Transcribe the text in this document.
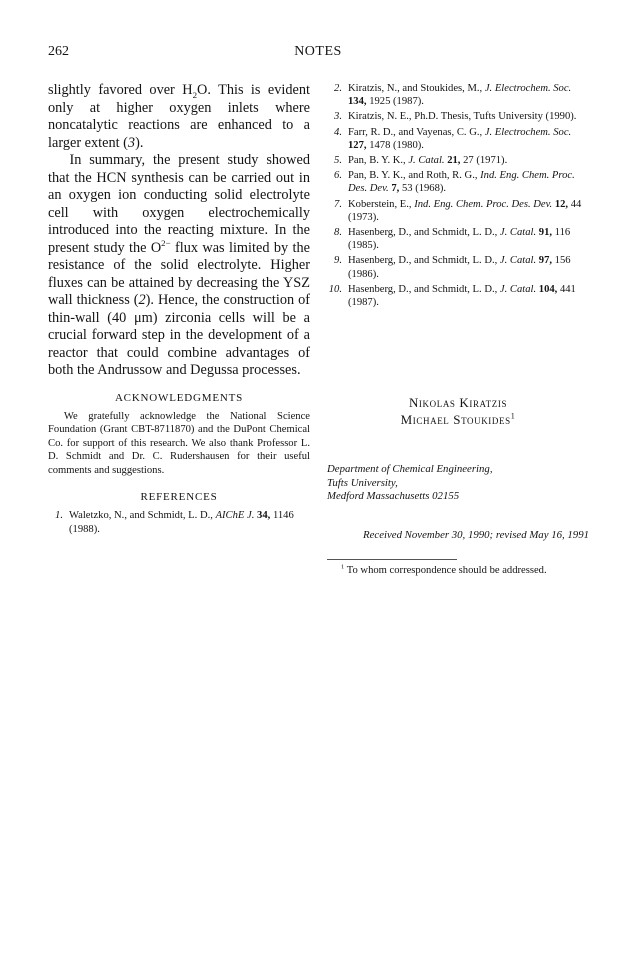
262	NOTES

slightly favored over $H_2O$. This is evident only at higher oxygen inlets where noncatalytic reactions are enhanced to a larger extent (3).

In summary, the present study showed that the HCN synthesis can be carried out in an oxygen ion conducting solid electrolyte cell with oxygen electrochemically introduced into the reacting mixture. In the present study the $O^{2-}$ flux was limited by the resistance of the solid electrolyte. Higher fluxes can be attained by decreasing the YSZ wall thickness (2). Hence, the construction of thin-wall (40 μm) zirconia cells will be a crucial forward step in the development of a reactor that could combine advantages of both the Andrussow and Degussa processes.

ACKNOWLEDGMENTS

We gratefully acknowledge the National Science Foundation (Grant CBT-8711870) and the DuPont Chemical Co. for support of this research. We also thank Professor L. D. Schmidt and Dr. C. Rudershausen for their useful comments and suggestions.

REFERENCES
1. Waletzko, N., and Schmidt, L. D., AIChE J. 34, 1146 (1988).
2. Kiratzis, N., and Stoukides, M., J. Electrochem. Soc. 134, 1925 (1987).
3. Kiratzis, N. E., Ph.D. Thesis, Tufts University (1990).
4. Farr, R. D., and Vayenas, C. G., J. Electrochem. Soc. 127, 1478 (1980).
5. Pan, B. Y. K., J. Catal. 21, 27 (1971).
6. Pan, B. Y. K., and Roth, R. G., Ind. Eng. Chem. Proc. Des. Dev. 7, 53 (1968).
7. Koberstein, E., Ind. Eng. Chem. Proc. Des. Dev. 12, 44 (1973).
8. Hasenberg, D., and Schmidt, L. D., J. Catal. 91, 116 (1985).
9. Hasenberg, D., and Schmidt, L. D., J. Catal. 97, 156 (1986).
10. Hasenberg, D., and Schmidt, L. D., J. Catal. 104, 441 (1987).
Nikolas Kiratzis
Michael Stoukides$^1$
Department of Chemical Engineering,
Tufts University,
Medford Massachusetts 02155
Received November 30, 1990; revised May 16, 1991
$^1$ To whom correspondence should be addressed.
